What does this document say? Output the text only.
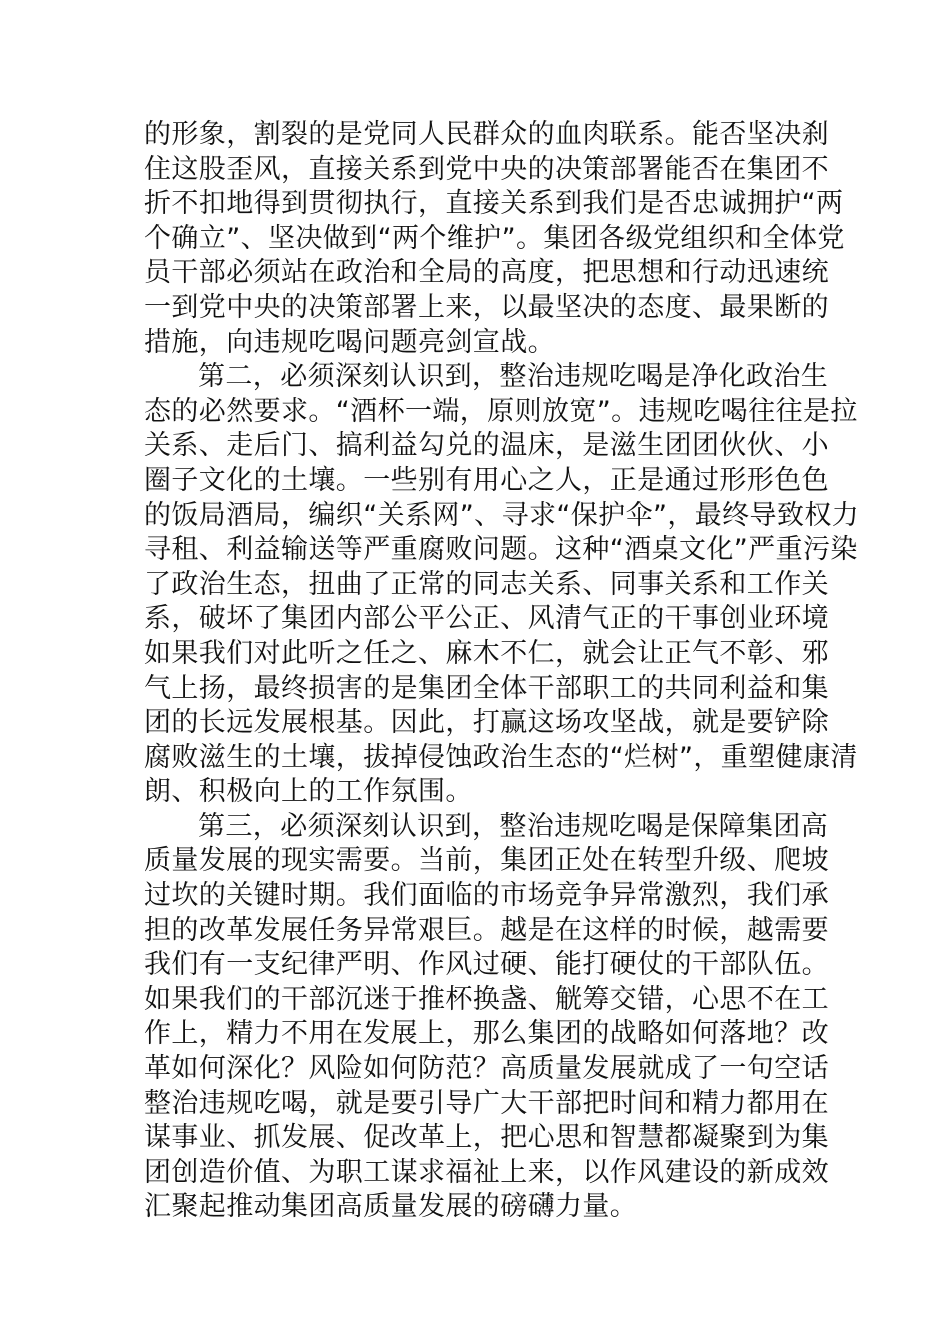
的形象，割裂的是党同人民群众的血肉联系。能否坚决刹
住这股歪风，直接关系到党中央的决策部署能否在集团不
折不扣地得到贯彻执行，直接关系到我们是否忠诚拥护“两
个确立”、坚决做到“两个维护”。集团各级党组织和全体党
员干部必须站在政治和全局的高度，把思想和行动迅速统
一到党中央的决策部署上来，以最坚决的态度、最果断的
措施，向违规吃喝问题亮剑宣战。
第二，必须深刻认识到，整治违规吃喝是净化政治生
态的必然要求。“酒杯一端，原则放宽”。违规吃喝往往是拉
关系、走后门、搞利益勾兑的温床，是滋生团团伙伙、小
圈子文化的土壤。一些别有用心之人，正是通过形形色色
的饭局酒局，编织“关系网”、寻求“保护伞”，最终导致权力
寻租、利益输送等严重腐败问题。这种“酒桌文化”严重污染
了政治生态，扭曲了正常的同志关系、同事关系和工作关
系，破坏了集团内部公平公正、风清气正的干事创业环境
如果我们对此听之任之、麻木不仁，就会让正气不彰、邪
气上扬，最终损害的是集团全体干部职工的共同利益和集
团的长远发展根基。因此，打赢这场攻坚战，就是要铲除
腐败滋生的土壤，拔掉侵蚀政治生态的“烂树”，重塑健康清
朗、积极向上的工作氛围。
第三，必须深刻认识到，整治违规吃喝是保障集团高
质量发展的现实需要。当前，集团正处在转型升级、爬坡
过坎的关键时期。我们面临的市场竞争异常激烈，我们承
担的改革发展任务异常艰巨。越是在这样的时候，越需要
我们有一支纪律严明、作风过硬、能打硬仗的干部队伍。
如果我们的干部沉迷于推杯换盏、觥筹交错，心思不在工
作上，精力不用在发展上，那么集团的战略如何落地？改
革如何深化？风险如何防范？高质量发展就成了一句空话
整治违规吃喝，就是要引导广大干部把时间和精力都用在
谋事业、抓发展、促改革上，把心思和智慧都凝聚到为集
团创造价值、为职工谋求福祉上来，以作风建设的新成效
汇聚起推动集团高质量发展的磅礴力量。
